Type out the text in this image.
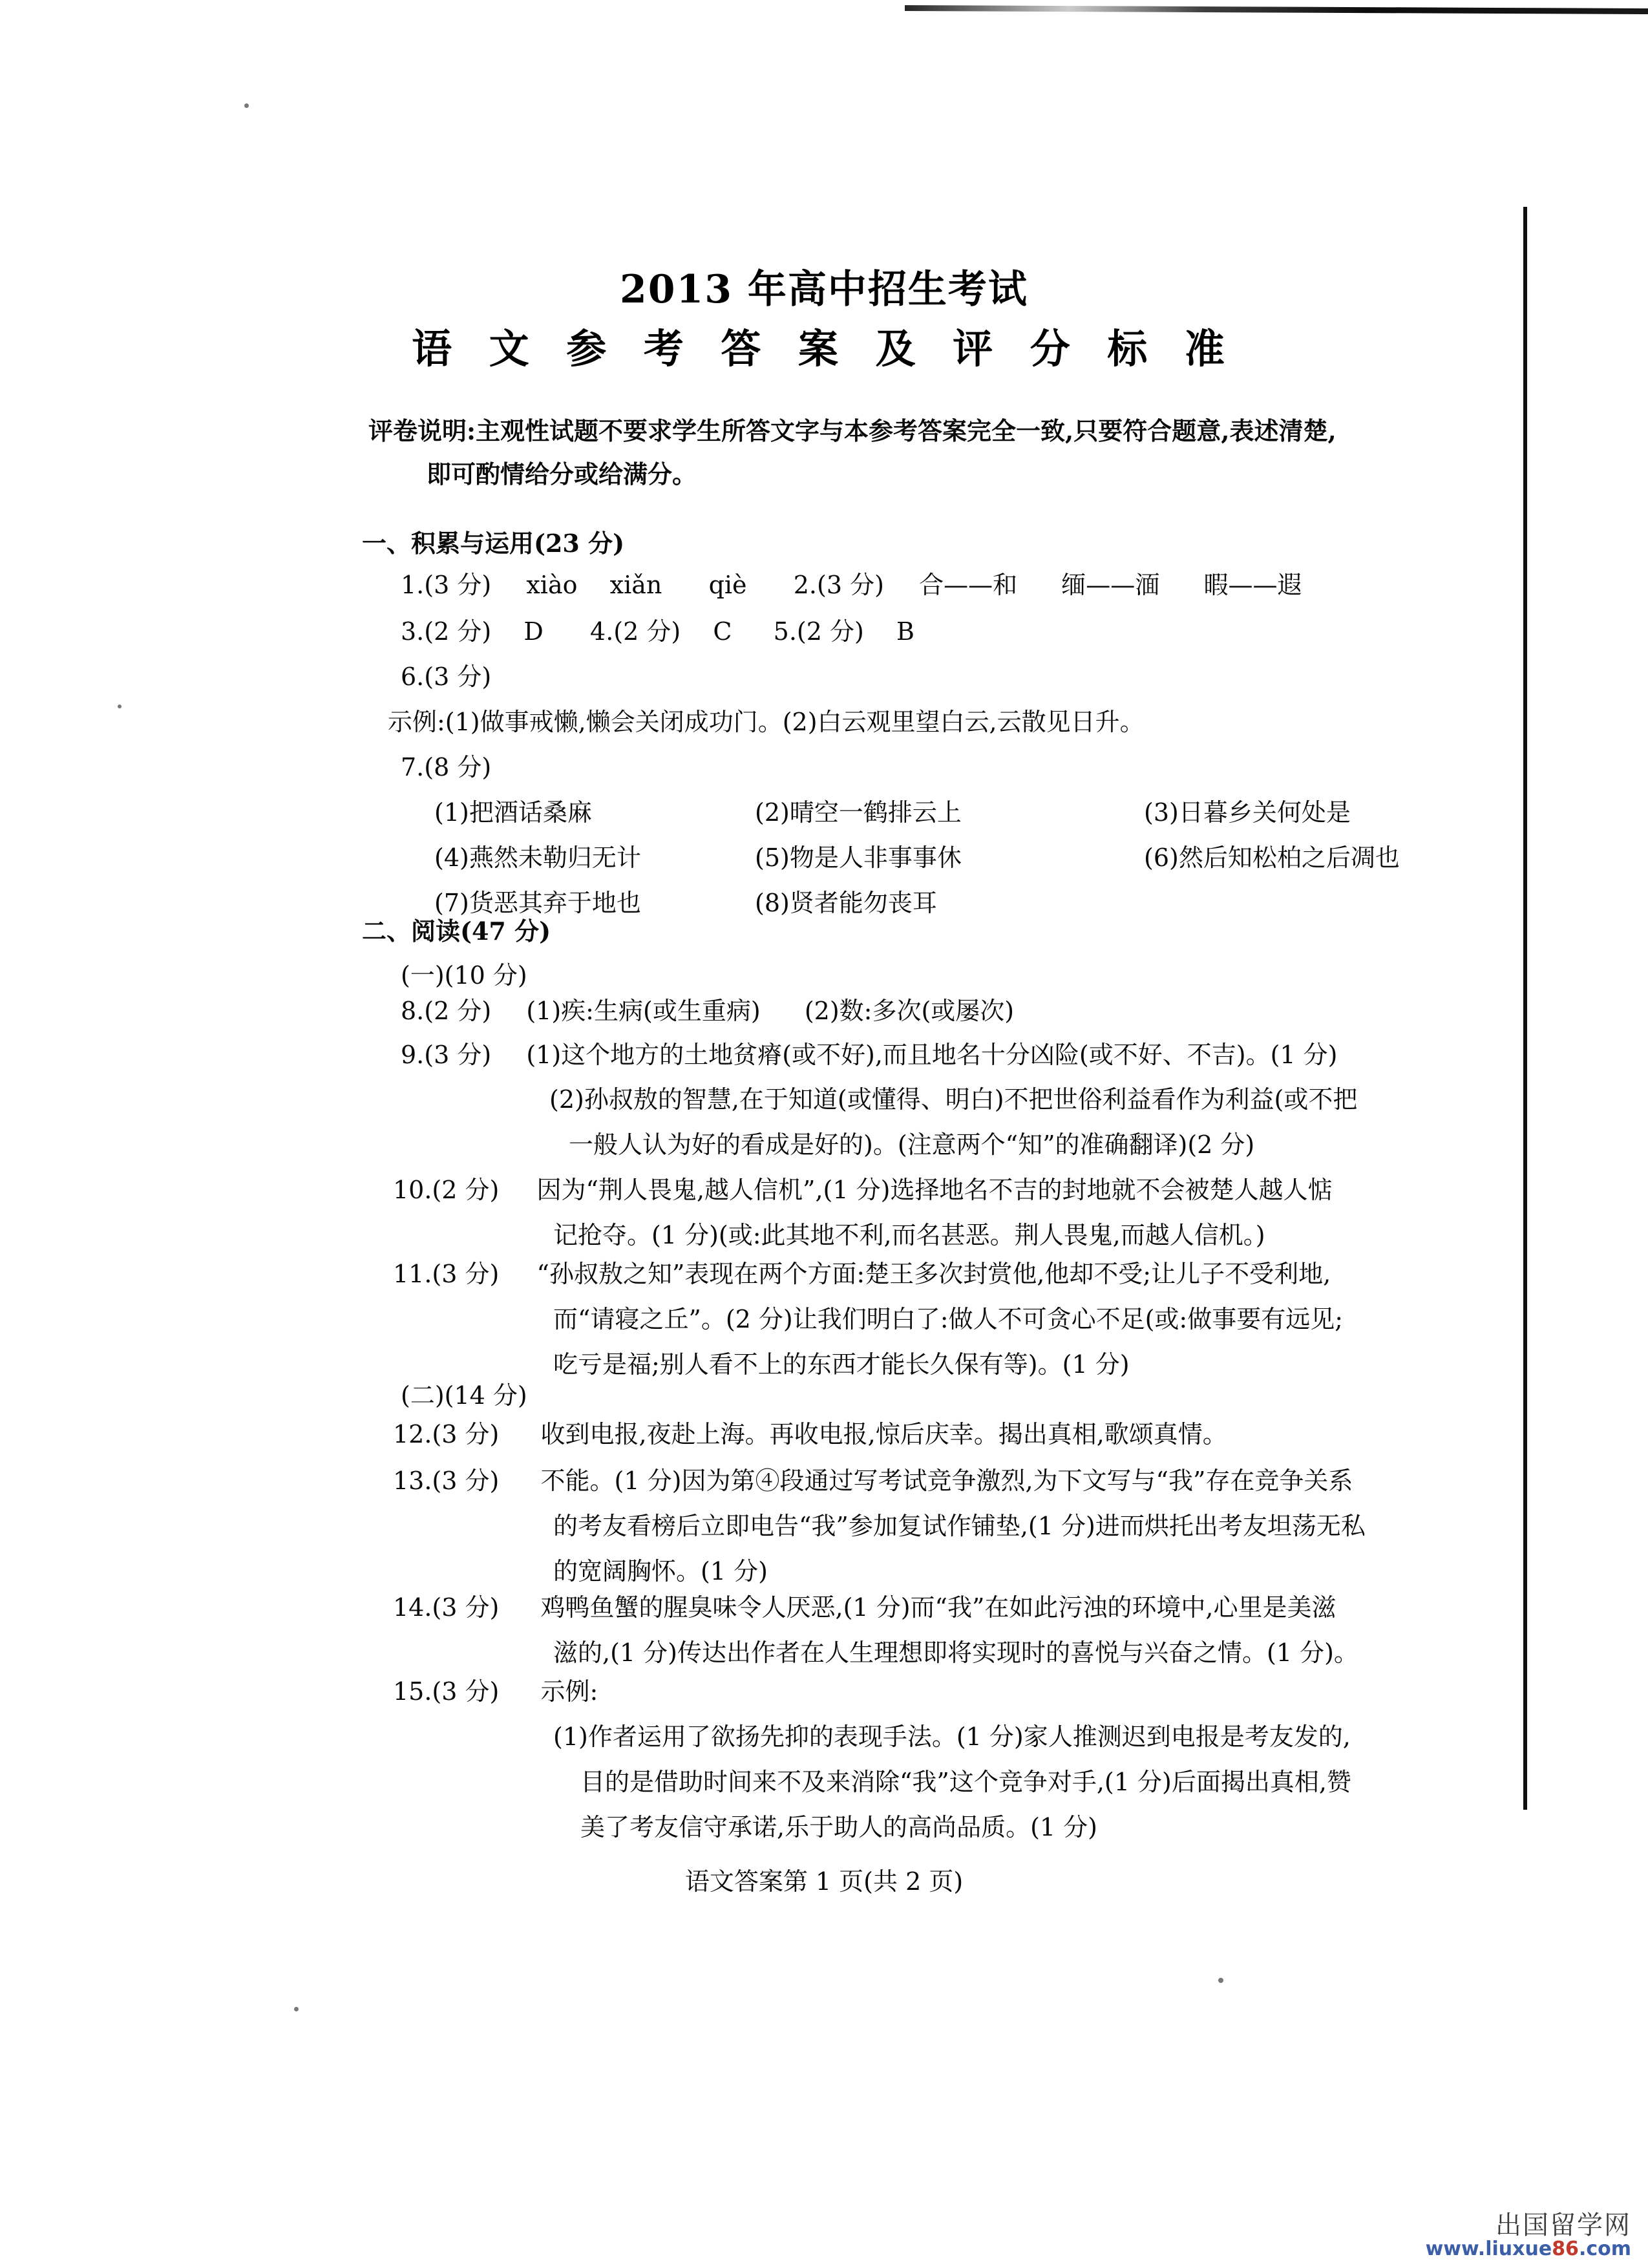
2013 年高中招生考试
语 文 参 考 答 案 及 评 分 标 准
评卷说明:主观性试题不要求学生所答文字与本参考答案完全一致,只要符合题意,表述清楚,
即可酌情给分或给满分。
一、积累与运用(23 分)
1.(3 分) xiào xiǎn qiè 2.(3 分) 合——和 缅——湎 暇——遐
3.(2 分) D 4.(2 分) C 5.(2 分) B
6.(3 分)
示例:(1)做事戒懒,懒会关闭成功门。(2)白云观里望白云,云散见日升。
7.(8 分)
(1)把酒话桑麻	(2)晴空一鹤排云上	(3)日暮乡关何处是
(4)燕然未勒归无计	(5)物是人非事事休	(6)然后知松柏之后凋也
(7)货恶其弃于地也	(8)贤者能勿丧耳
二、阅读(47 分)
(一)(10 分)
8.(2 分) (1)疾:生病(或生重病) (2)数:多次(或屡次)
9.(3 分) (1)这个地方的土地贫瘠(或不好),而且地名十分凶险(或不好、不吉)。(1 分)
(2)孙叔敖的智慧,在于知道(或懂得、明白)不把世俗利益看作为利益(或不把
一般人认为好的看成是好的)。(注意两个“知”的准确翻译)(2 分)
10.(2 分) 因为“荆人畏鬼,越人信机”,(1 分)选择地名不吉的封地就不会被楚人越人惦
记抢夺。(1 分)(或:此其地不利,而名甚恶。荆人畏鬼,而越人信机。)
11.(3 分) “孙叔敖之知”表现在两个方面:楚王多次封赏他,他却不受;让儿子不受利地,
而“请寝之丘”。(2 分)让我们明白了:做人不可贪心不足(或:做事要有远见;
吃亏是福;别人看不上的东西才能长久保有等)。(1 分)
(二)(14 分)
12.(3 分) 收到电报,夜赴上海。再收电报,惊后庆幸。揭出真相,歌颂真情。
13.(3 分) 不能。(1 分)因为第④段通过写考试竞争激烈,为下文写与“我”存在竞争关系
的考友看榜后立即电告“我”参加复试作铺垫,(1 分)进而烘托出考友坦荡无私
的宽阔胸怀。(1 分)
14.(3 分) 鸡鸭鱼蟹的腥臭味令人厌恶,(1 分)而“我”在如此污浊的环境中,心里是美滋
滋的,(1 分)传达出作者在人生理想即将实现时的喜悦与兴奋之情。(1 分)。
15.(3 分) 示例:
(1)作者运用了欲扬先抑的表现手法。(1 分)家人推测迟到电报是考友发的,
目的是借助时间来不及来消除“我”这个竞争对手,(1 分)后面揭出真相,赞
美了考友信守承诺,乐于助人的高尚品质。(1 分)
语文答案第 1 页(共 2 页)
出国留学网
www.liuxue86.com
